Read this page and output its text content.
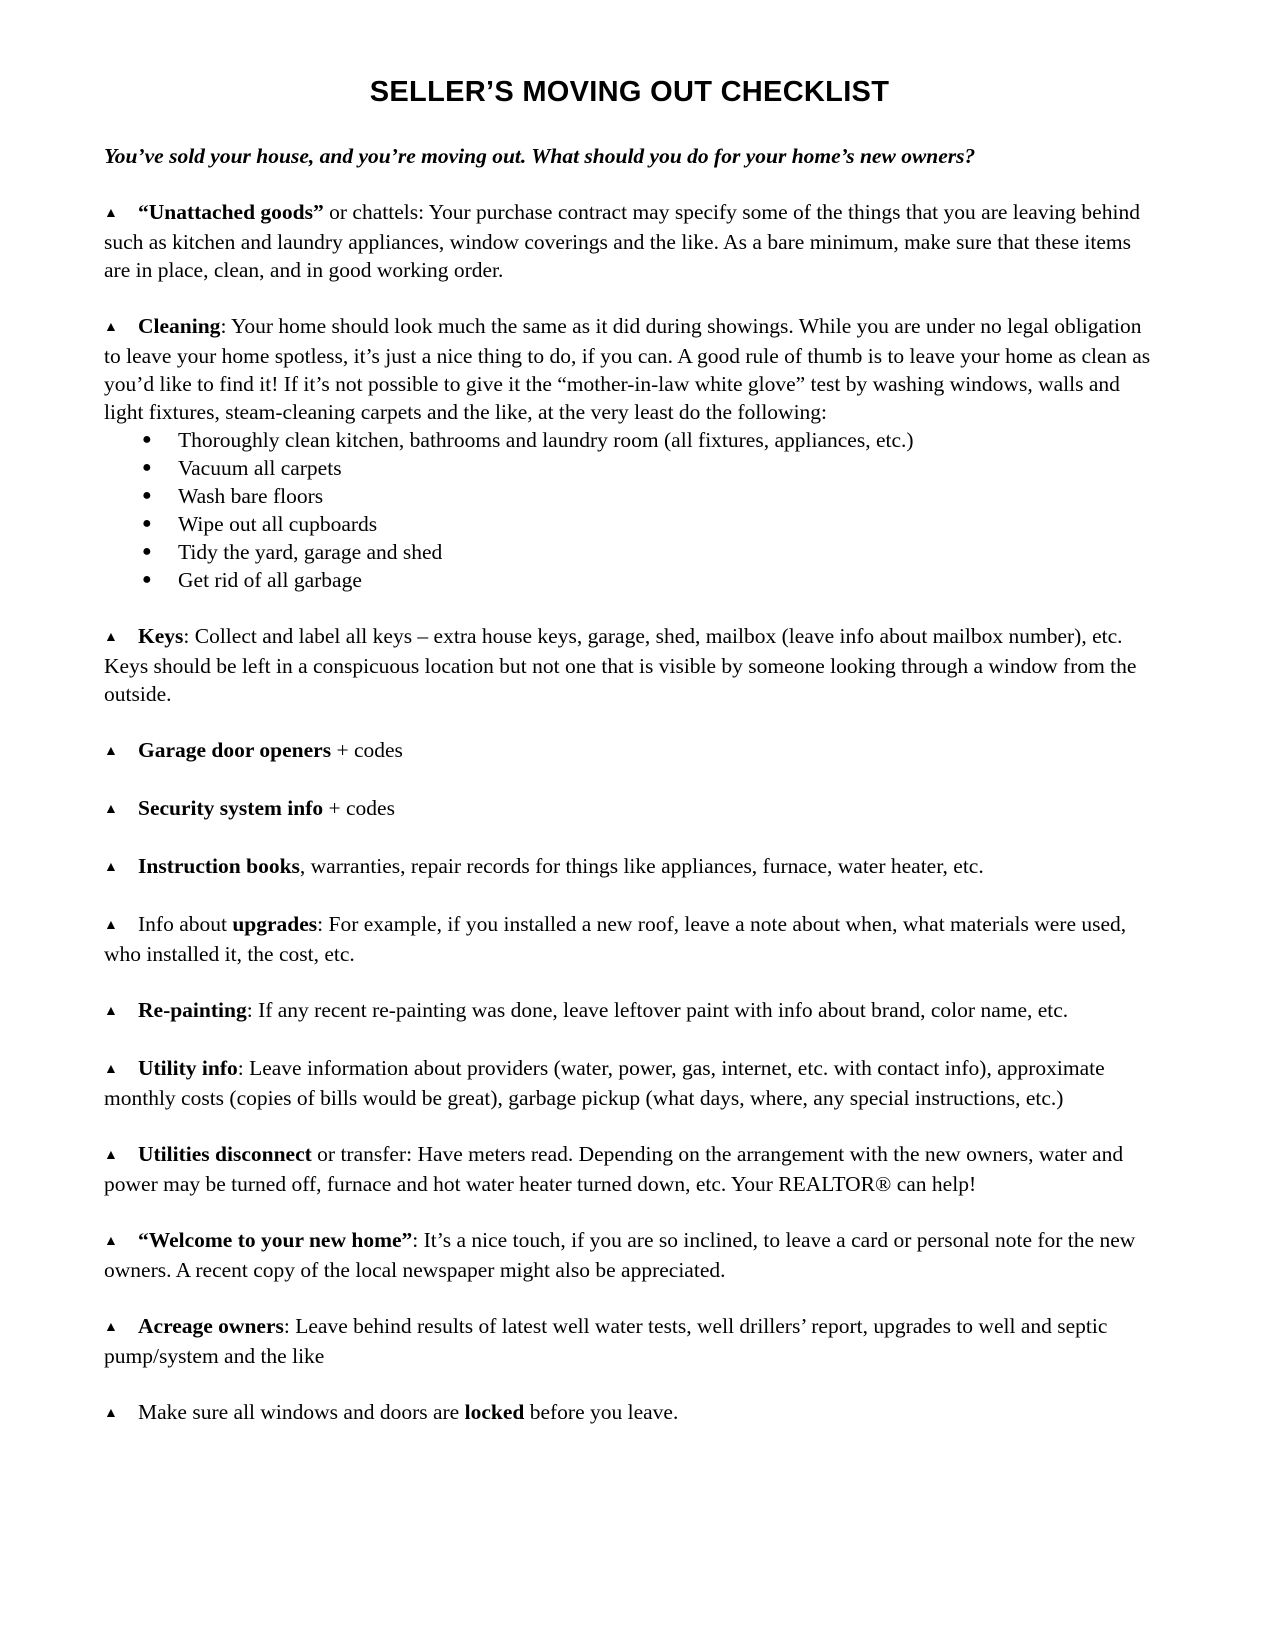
SELLER’S MOVING OUT CHECKLIST

You’ve sold your house, and you’re moving out. What should you do for your home’s new owners?

▲ “Unattached goods” or chattels: Your purchase contract may specify some of the things that you are leaving behind such as kitchen and laundry appliances, window coverings and the like. As a bare minimum, make sure that these items are in place, clean, and in good working order.
▲ Cleaning: Your home should look much the same as it did during showings. While you are under no legal obligation to leave your home spotless, it’s just a nice thing to do, if you can. A good rule of thumb is to leave your home as clean as you’d like to find it! If it’s not possible to give it the “mother-in-law white glove” test by washing windows, walls and light fixtures, steam-cleaning carpets and the like, at the very least do the following:
● Thoroughly clean kitchen, bathrooms and laundry room (all fixtures, appliances, etc.)
● Vacuum all carpets
● Wash bare floors
● Wipe out all cupboards
● Tidy the yard, garage and shed
● Get rid of all garbage
▲ Keys: Collect and label all keys – extra house keys, garage, shed, mailbox (leave info about mailbox number), etc. Keys should be left in a conspicuous location but not one that is visible by someone looking through a window from the outside.
▲ Garage door openers + codes
▲ Security system info + codes
▲ Instruction books, warranties, repair records for things like appliances, furnace, water heater, etc.
▲ Info about upgrades: For example, if you installed a new roof, leave a note about when, what materials were used, who installed it, the cost, etc.
▲ Re-painting: If any recent re-painting was done, leave leftover paint with info about brand, color name, etc.
▲ Utility info: Leave information about providers (water, power, gas, internet, etc. with contact info), approximate monthly costs (copies of bills would be great), garbage pickup (what days, where, any special instructions, etc.)
▲ Utilities disconnect or transfer: Have meters read. Depending on the arrangement with the new owners, water and power may be turned off, furnace and hot water heater turned down, etc. Your REALTOR® can help!
▲ “Welcome to your new home”: It’s a nice touch, if you are so inclined, to leave a card or personal note for the new owners. A recent copy of the local newspaper might also be appreciated.
▲ Acreage owners: Leave behind results of latest well water tests, well drillers’ report, upgrades to well and septic pump/system and the like
▲ Make sure all windows and doors are locked before you leave.
